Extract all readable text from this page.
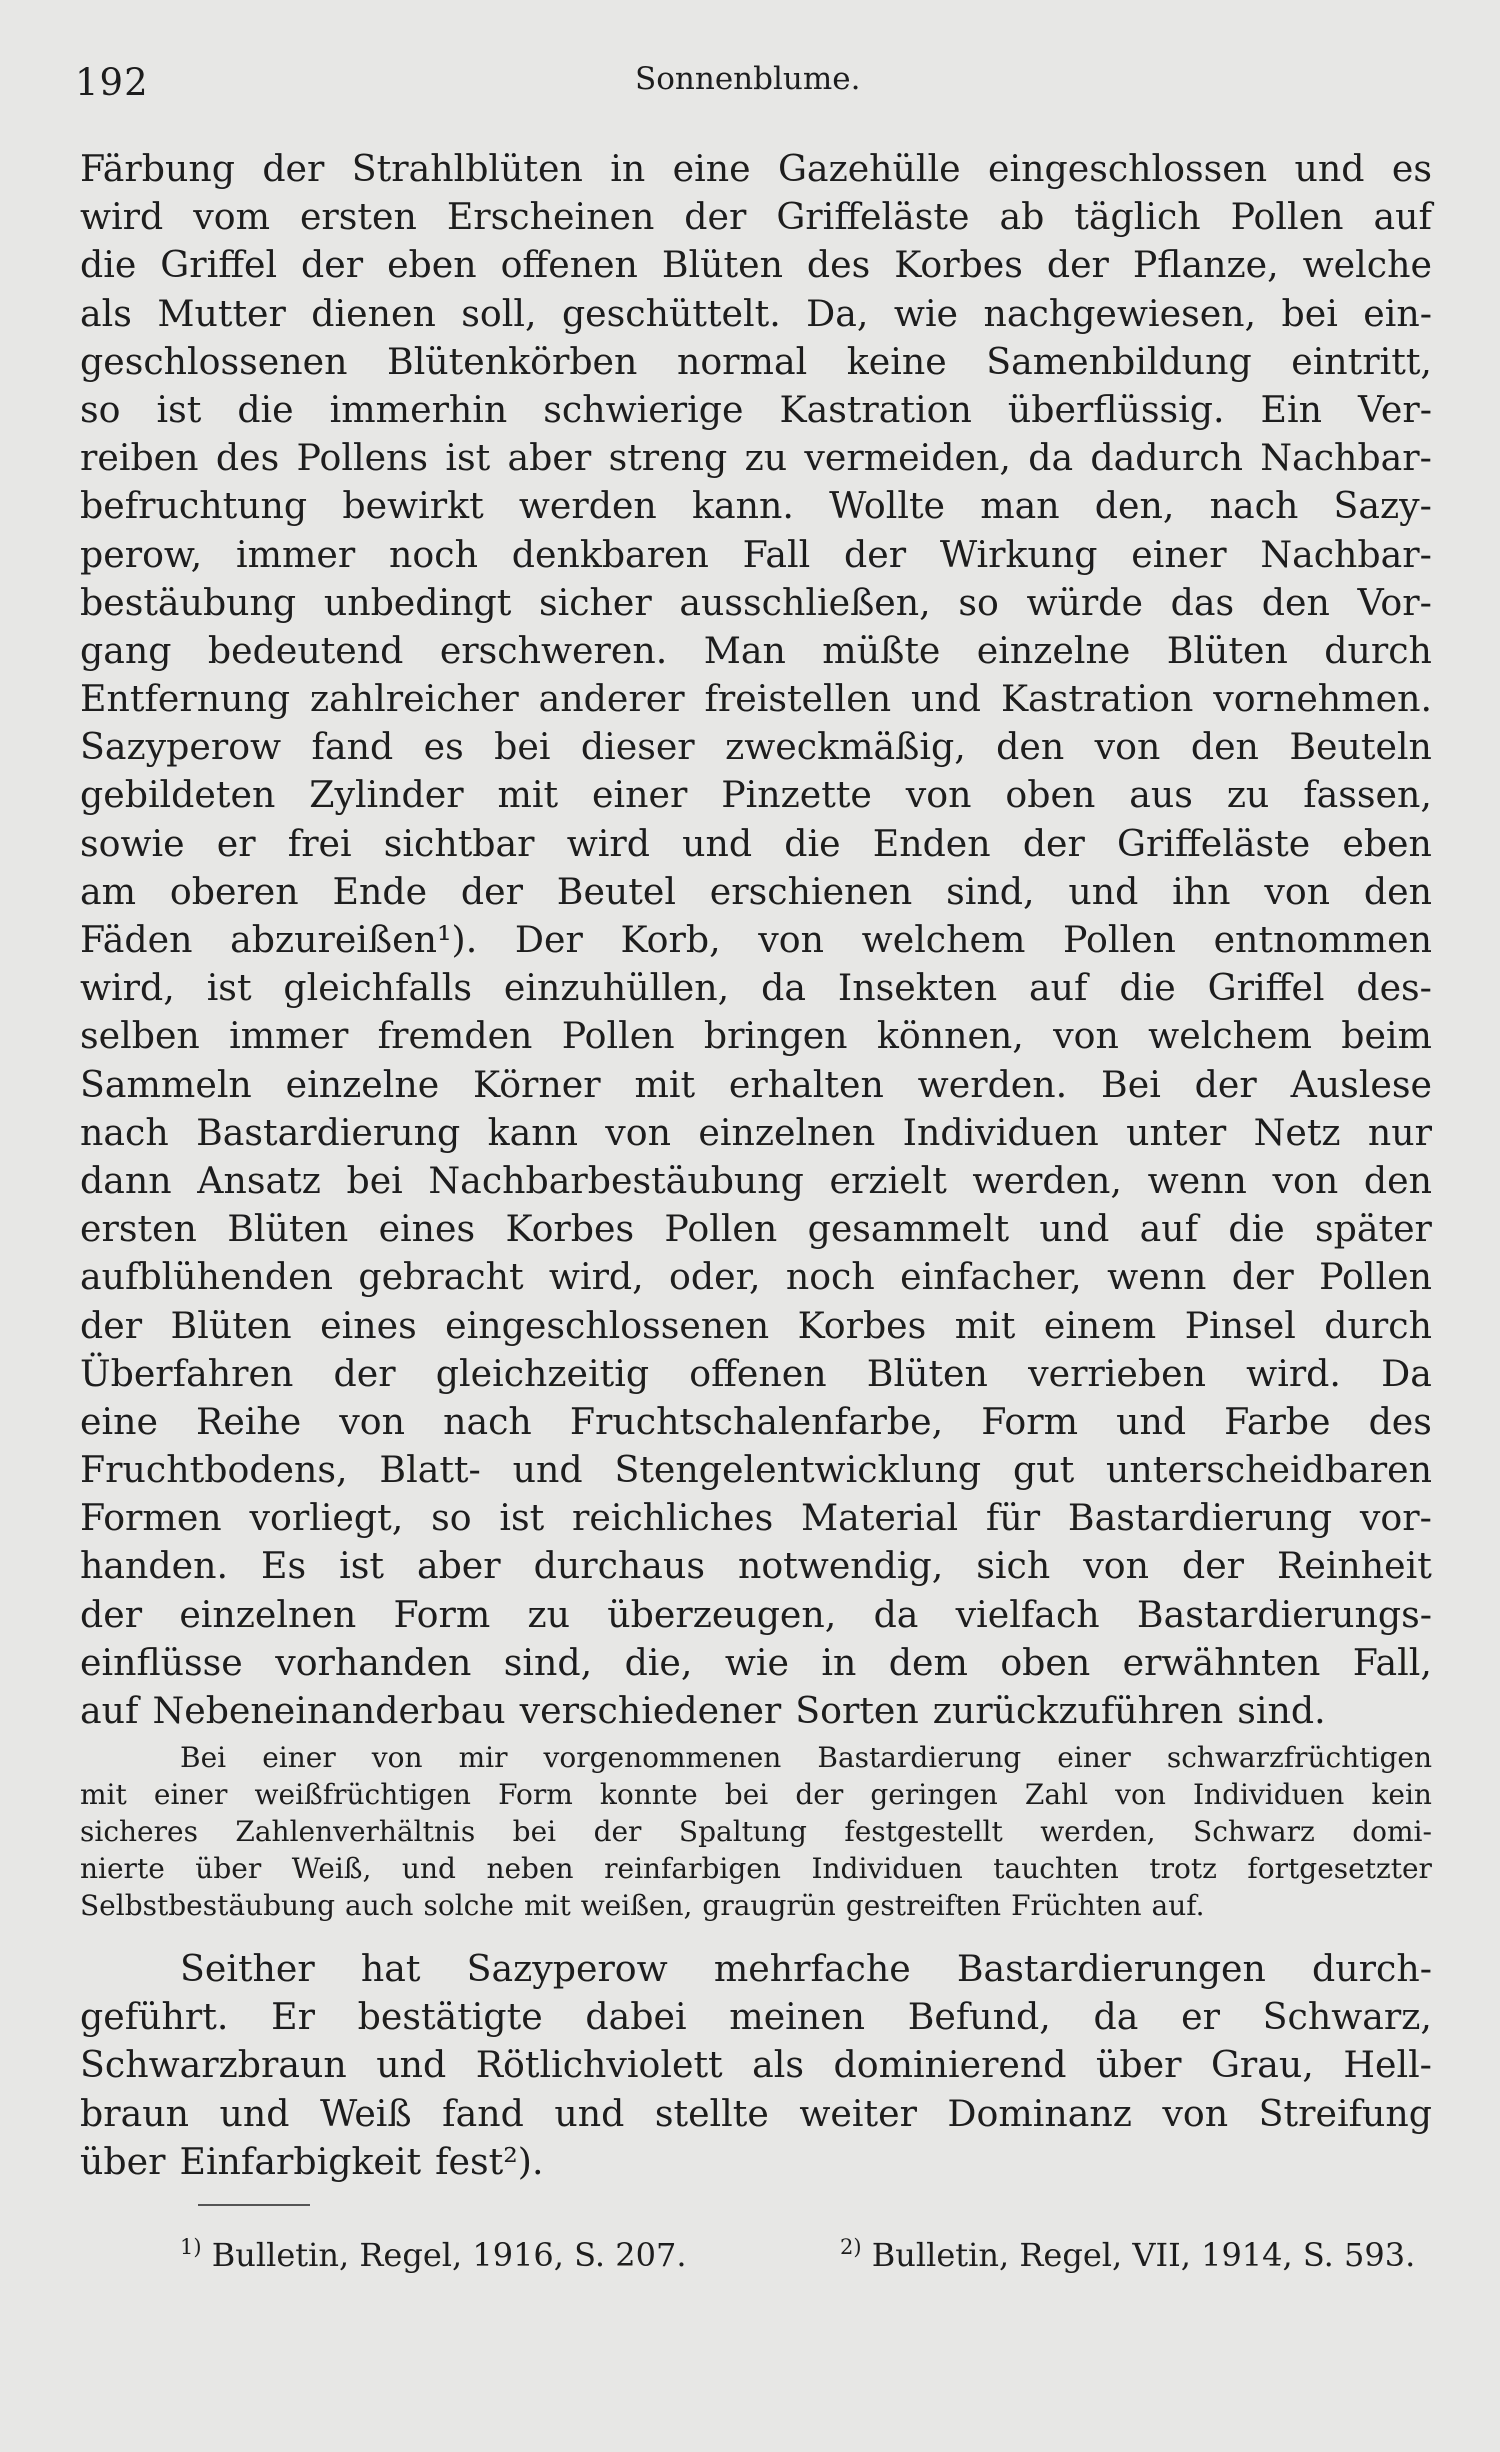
192	Sonnenblume.
Färbung der Strahlblüten in eine Gazehülle eingeschlossen und es
wird vom ersten Erscheinen der Griffeläste ab täglich Pollen auf
die Griffel der eben offenen Blüten des Korbes der Pflanze, welche
als Mutter dienen soll, geschüttelt. Da, wie nachgewiesen, bei ein-
geschlossenen Blütenkörben normal keine Samenbildung eintritt,
so ist die immerhin schwierige Kastration überflüssig. Ein Ver-
reiben des Pollens ist aber streng zu vermeiden, da dadurch Nachbar-
befruchtung bewirkt werden kann. Wollte man den, nach Sazy-
perow, immer noch denkbaren Fall der Wirkung einer Nachbar-
bestäubung unbedingt sicher ausschließen, so würde das den Vor-
gang bedeutend erschweren. Man müßte einzelne Blüten durch
Entfernung zahlreicher anderer freistellen und Kastration vornehmen.
Sazyperow fand es bei dieser zweckmäßig, den von den Beuteln
gebildeten Zylinder mit einer Pinzette von oben aus zu fassen,
sowie er frei sichtbar wird und die Enden der Griffeläste eben
am oberen Ende der Beutel erschienen sind, und ihn von den
Fäden abzureißen¹). Der Korb, von welchem Pollen entnommen
wird, ist gleichfalls einzuhüllen, da Insekten auf die Griffel des-
selben immer fremden Pollen bringen können, von welchem beim
Sammeln einzelne Körner mit erhalten werden. Bei der Auslese
nach Bastardierung kann von einzelnen Individuen unter Netz nur
dann Ansatz bei Nachbarbestäubung erzielt werden, wenn von den
ersten Blüten eines Korbes Pollen gesammelt und auf die später
aufblühenden gebracht wird, oder, noch einfacher, wenn der Pollen
der Blüten eines eingeschlossenen Korbes mit einem Pinsel durch
Überfahren der gleichzeitig offenen Blüten verrieben wird. Da
eine Reihe von nach Fruchtschalenfarbe, Form und Farbe des
Fruchtbodens, Blatt- und Stengelentwicklung gut unterscheidbaren
Formen vorliegt, so ist reichliches Material für Bastardierung vor-
handen. Es ist aber durchaus notwendig, sich von der Reinheit
der einzelnen Form zu überzeugen, da vielfach Bastardierungs-
einflüsse vorhanden sind, die, wie in dem oben erwähnten Fall,
auf Nebeneinanderbau verschiedener Sorten zurückzuführen sind.
Bei einer von mir vorgenommenen Bastardierung einer schwarzfrüchtigen
mit einer weißfrüchtigen Form konnte bei der geringen Zahl von Individuen kein
sicheres Zahlenverhältnis bei der Spaltung festgestellt werden, Schwarz domi-
nierte über Weiß, und neben reinfarbigen Individuen tauchten trotz fortgesetzter
Selbstbestäubung auch solche mit weißen, graugrün gestreiften Früchten auf.
Seither hat Sazyperow mehrfache Bastardierungen durch-
geführt. Er bestätigte dabei meinen Befund, da er Schwarz,
Schwarzbraun und Rötlichviolett als dominierend über Grau, Hell-
braun und Weiß fand und stellte weiter Dominanz von Streifung
über Einfarbigkeit fest²).
$^{1)}$ Bulletin, Regel, 1916, S. 207.	$^{2)}$ Bulletin, Regel, VII, 1914, S. 593.
